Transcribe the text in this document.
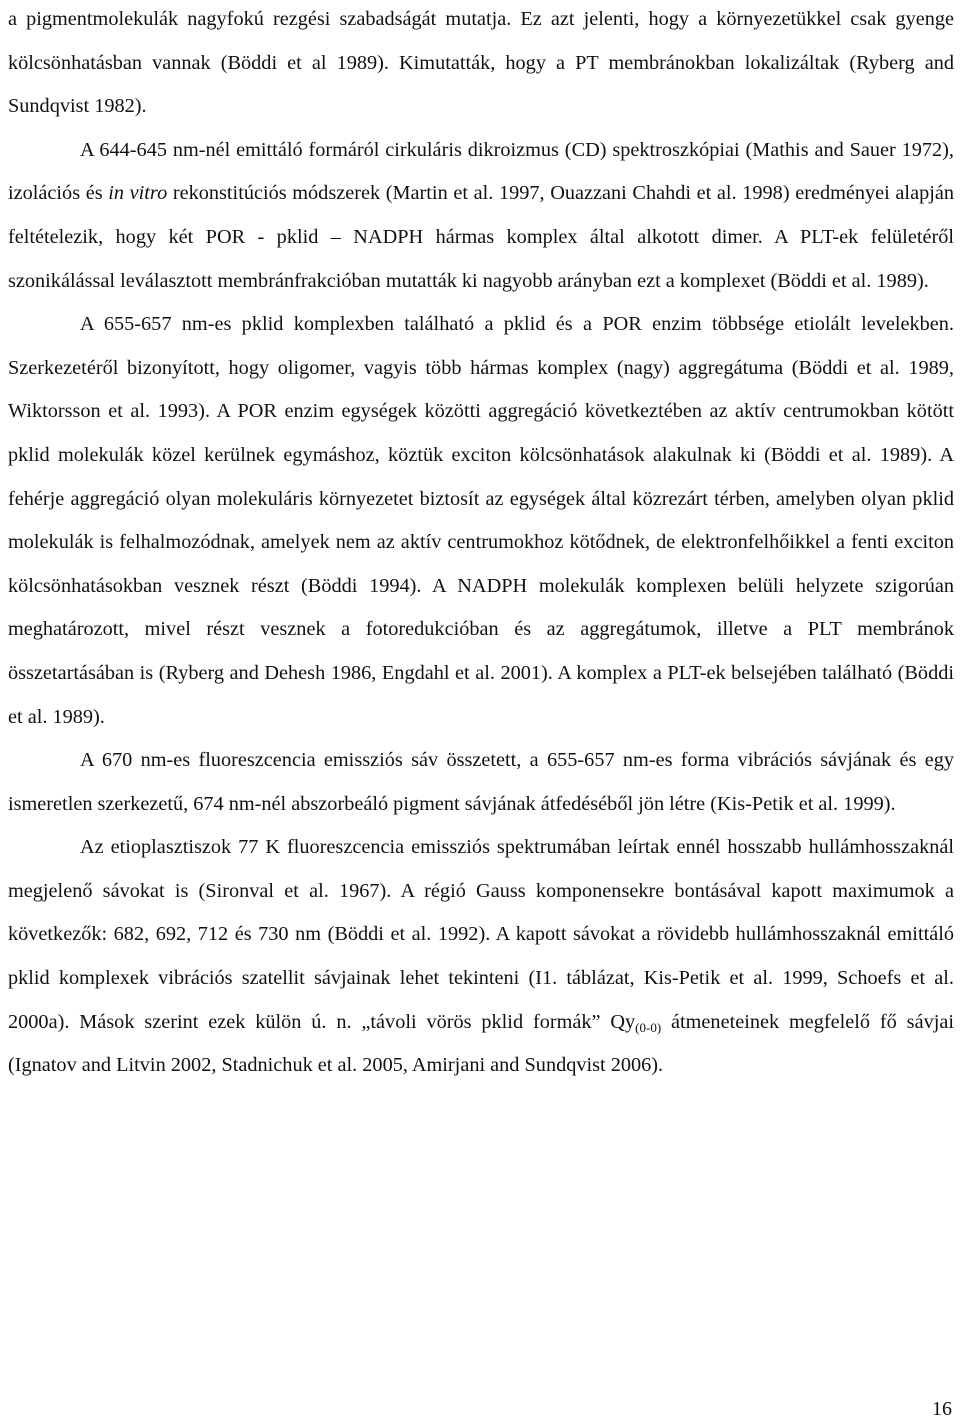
a pigmentmolekulák nagyfokú rezgési szabadságát mutatja. Ez azt jelenti, hogy a környezetükkel csak gyenge kölcsönhatásban vannak (Böddi et al 1989). Kimutatták, hogy a PT membránokban lokalizáltak (Ryberg and Sundqvist 1982).

A 644-645 nm-nél emittáló formáról cirkuláris dikroizmus (CD) spektroszkópiai (Mathis and Sauer 1972), izolációs és in vitro rekonstitúciós módszerek (Martin et al. 1997, Ouazzani Chahdi et al. 1998) eredményei alapján feltételezik, hogy két POR - pklid – NADPH hármas komplex által alkotott dimer. A PLT-ek felületéről szonikálással leválasztott membránfrakcióban mutatták ki nagyobb arányban ezt a komplexet (Böddi et al. 1989).

A 655-657 nm-es pklid komplexben található a pklid és a POR enzim többsége etiolált levelekben. Szerkezetéről bizonyított, hogy oligomer, vagyis több hármas komplex (nagy) aggregátuma (Böddi et al. 1989, Wiktorsson et al. 1993). A POR enzim egységek közötti aggregáció következtében az aktív centrumokban kötött pklid molekulák közel kerülnek egymáshoz, köztük exciton kölcsönhatások alakulnak ki (Böddi et al. 1989). A fehérje aggregáció olyan molekuláris környezetet biztosít az egységek által közrezárt térben, amelyben olyan pklid molekulák is felhalmozódnak, amelyek nem az aktív centrumokhoz kötődnek, de elektronfelhőikkel a fenti exciton kölcsönhatásokban vesznek részt (Böddi 1994). A NADPH molekulák komplexen belüli helyzete szigorúan meghatározott, mivel részt vesznek a fotoredukcióban és az aggregátumok, illetve a PLT membránok összetartásában is (Ryberg and Dehesh 1986, Engdahl et al. 2001). A komplex a PLT-ek belsejében található (Böddi et al. 1989).

A 670 nm-es fluoreszcencia emissziós sáv összetett, a 655-657 nm-es forma vibrációs sávjának és egy ismeretlen szerkezetű, 674 nm-nél abszorbeáló pigment sávjának átfedéséből jön létre (Kis-Petik et al. 1999).

Az etioplasztiszok 77 K fluoreszcencia emissziós spektrumában leírtak ennél hosszabb hullámhosszaknál megjelenő sávokat is (Sironval et al. 1967). A régió Gauss komponensekre bontásával kapott maximumok a következők: 682, 692, 712 és 730 nm (Böddi et al. 1992). A kapott sávokat a rövidebb hullámhosszaknál emittáló pklid komplexek vibrációs szatellit sávjainak lehet tekinteni (I1. táblázat, Kis-Petik et al. 1999, Schoefs et al. 2000a). Mások szerint ezek külön ú. n. „távoli vörös pklid formák” $Qy_{(0-0)}$ átmeneteinek megfelelő fő sávjai (Ignatov and Litvin 2002, Stadnichuk et al. 2005, Amirjani and Sundqvist 2006).

16
